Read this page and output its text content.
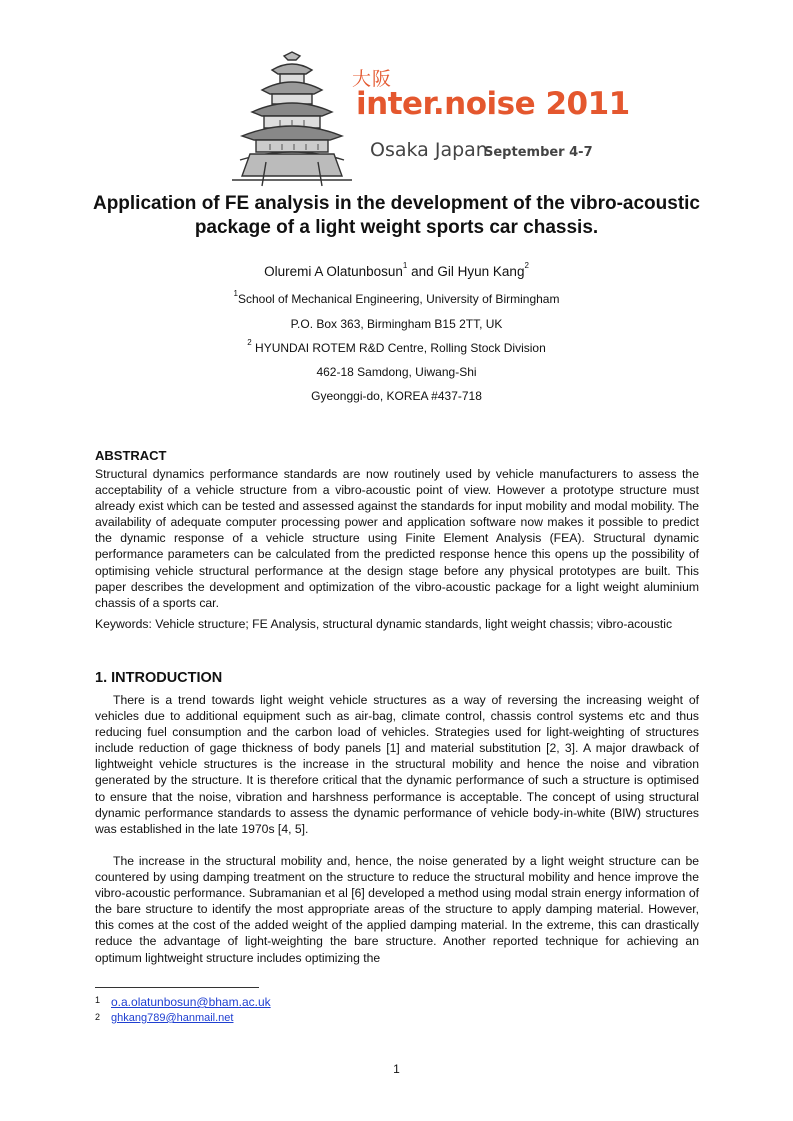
大阪
inter.noise 2011
Osaka Japan
September 4-7
Application of FE analysis in the development of the vibro-acoustic
package of a light weight sports car chassis.
Oluremi A Olatunbosun$^1$ and Gil Hyun Kang$^2$
$^1$School of Mechanical Engineering, University of Birmingham
P.O. Box 363, Birmingham B15 2TT, UK
$^2$ HYUNDAI ROTEM R&D Centre, Rolling Stock Division
462-18 Samdong, Uiwang-Shi
Gyeonggi-do, KOREA #437-718
ABSTRACT

Structural dynamics performance standards are now routinely used by vehicle manufacturers to assess the acceptability of a vehicle structure from a vibro-acoustic point of view. However a prototype structure must already exist which can be tested and assessed against the standards for input mobility and modal mobility. The availability of adequate computer processing power and application software now makes it possible to predict the dynamic response of a vehicle structure using Finite Element Analysis (FEA). Structural dynamic performance parameters can be calculated from the predicted response hence this opens up the possibility of optimising vehicle structural performance at the design stage before any physical prototypes are built. This paper describes the development and optimization of the vibro-acoustic package for a light weight aluminium chassis of a sports car.

Keywords: Vehicle structure; FE Analysis, structural dynamic standards, light weight chassis; vibro-acoustic

1. INTRODUCTION

There is a trend towards light weight vehicle structures as a way of reversing the increasing weight of vehicles due to additional equipment such as air-bag, climate control, chassis control systems etc and thus reducing fuel consumption and the carbon load of vehicles. Strategies used for light-weighting of structures include reduction of gage thickness of body panels [1] and material substitution [2, 3]. A major drawback of lightweight vehicle structures is the increase in the structural mobility and hence the noise and vibration generated by the structure. It is therefore critical that the dynamic performance of such a structure is optimised to ensure that the noise, vibration and harshness performance is acceptable. The concept of using structural dynamic performance standards to assess the dynamic performance of vehicle body-in-white (BIW) structures was established in the late 1970s [4, 5].

The increase in the structural mobility and, hence, the noise generated by a light weight structure can be countered by using damping treatment on the structure to reduce the structural mobility and hence improve the vibro-acoustic performance. Subramanian et al [6] developed a method using modal strain energy information of the bare structure to identify the most appropriate areas of the structure to apply damping material. However, this comes at the cost of the added weight of the applied damping material. In the extreme, this can drastically reduce the advantage of light-weighting the bare structure. Another reported technique for achieving an optimum lightweight structure includes optimizing the

1 o.a.olatunbosun@bham.ac.uk
2 ghkang789@hanmail.net
1
